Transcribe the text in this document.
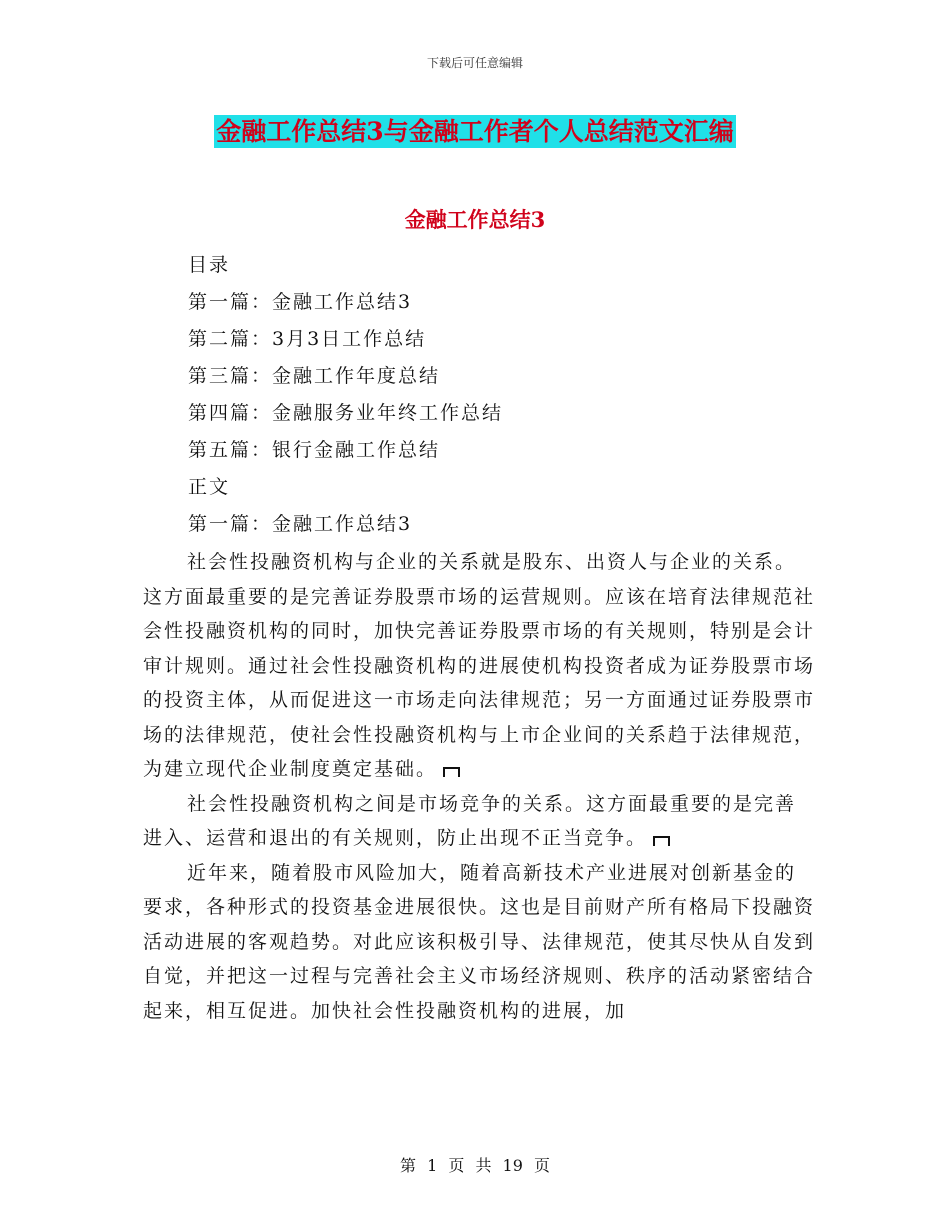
下载后可任意编辑
金融工作总结3与金融工作者个人总结范文汇编
金融工作总结3
目录
第一篇：金融工作总结3
第二篇：3月3日工作总结
第三篇：金融工作年度总结
第四篇：金融服务业年终工作总结
第五篇：银行金融工作总结
正文
第一篇：金融工作总结3

社会性投融资机构与企业的关系就是股东、出资人与企业的关系。这方面最重要的是完善证券股票市场的运营规则。应该在培育法律规范社会性投融资机构的同时，加快完善证券股票市场的有关规则，特别是会计审计规则。通过社会性投融资机构的进展使机构投资者成为证券股票市场的投资主体，从而促进这一市场走向法律规范；另一方面通过证券股票市场的法律规范，使社会性投融资机构与上市企业间的关系趋于法律规范，为建立现代企业制度奠定基础。

社会性投融资机构之间是市场竞争的关系。这方面最重要的是完善进入、运营和退出的有关规则，防止出现不正当竞争。

近年来，随着股市风险加大，随着高新技术产业进展对创新基金的要求，各种形式的投资基金进展很快。这也是目前财产所有格局下投融资活动进展的客观趋势。对此应该积极引导、法律规范，使其尽快从自发到自觉，并把这一过程与完善社会主义市场经济规则、秩序的活动紧密结合起来，相互促进。加快社会性投融资机构的进展，加

第 1 页 共 19 页
